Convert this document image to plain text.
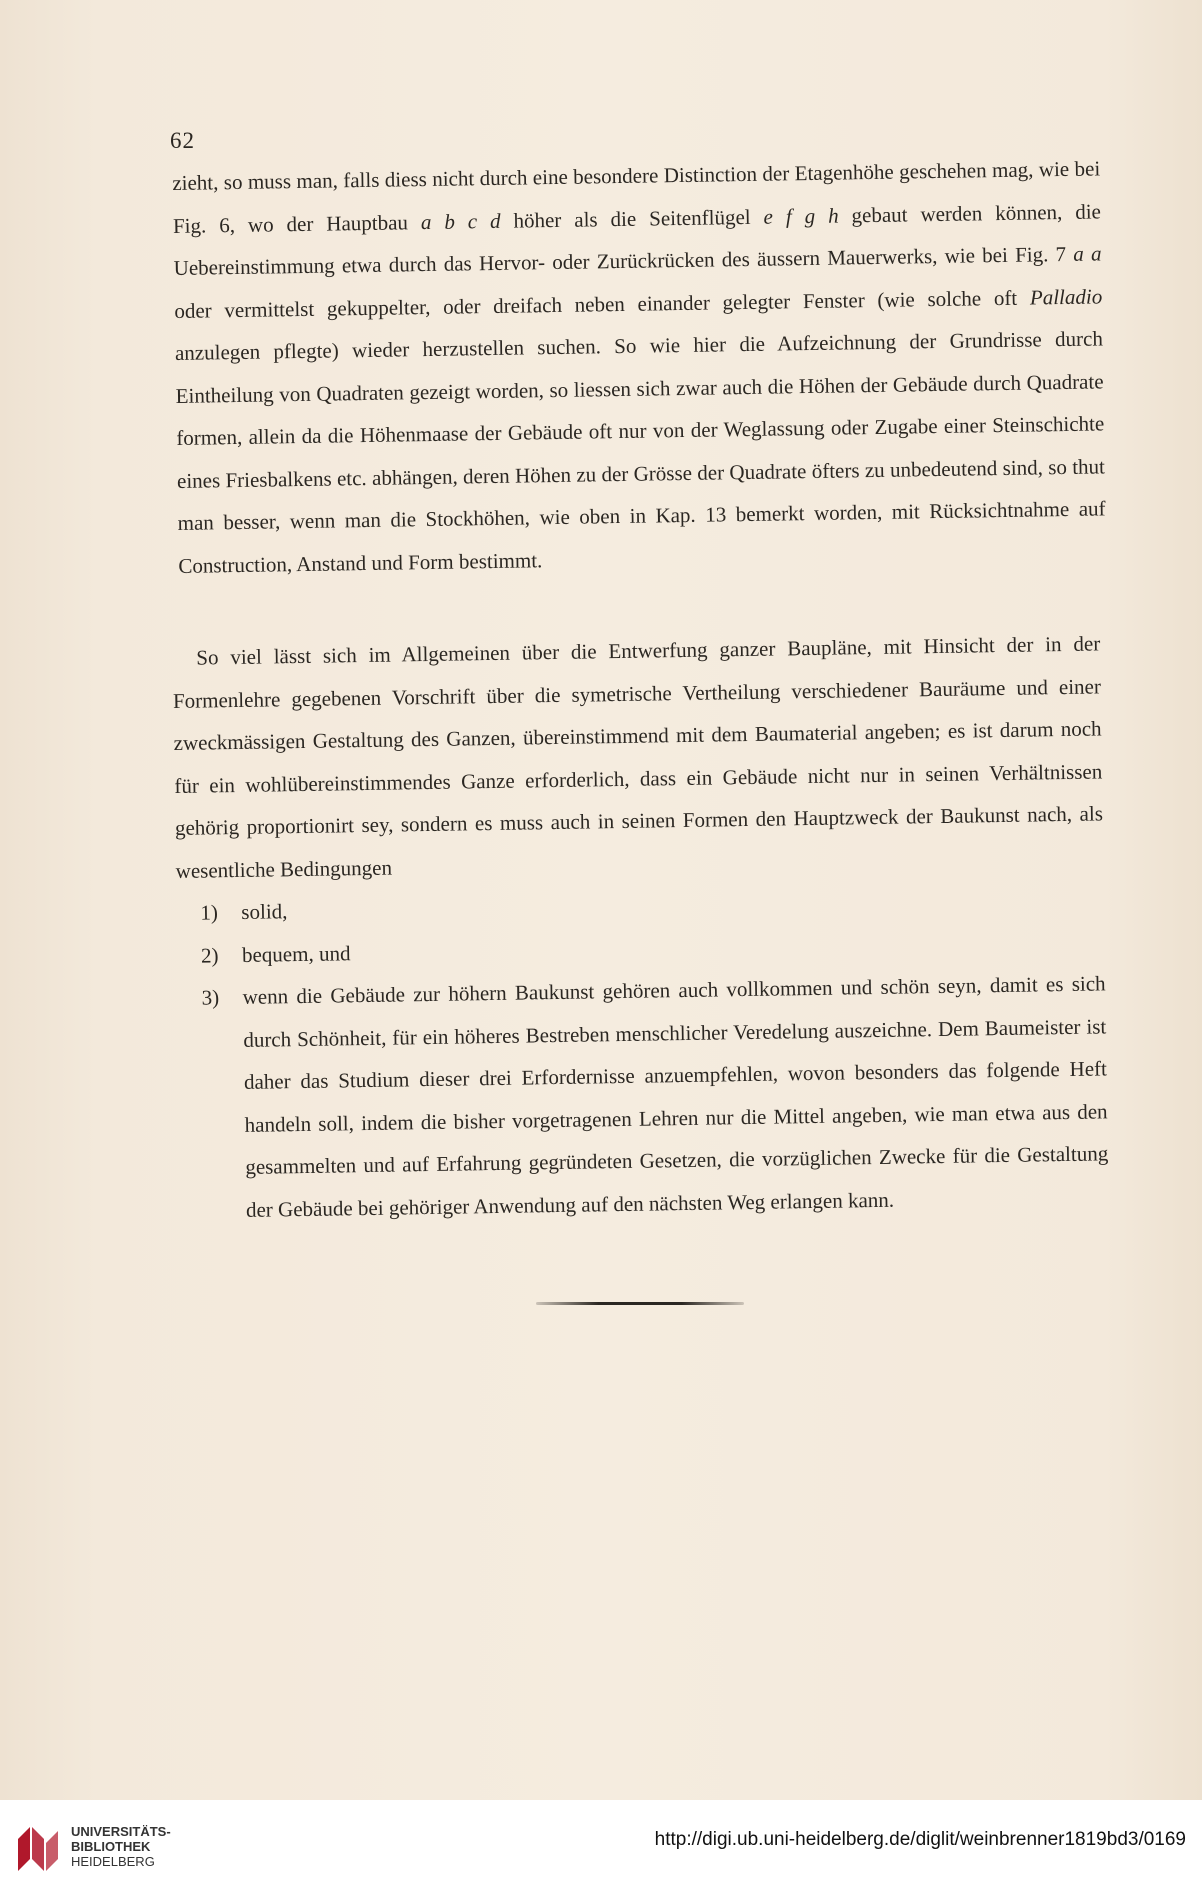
62
zieht, so muss man, falls diess nicht durch eine besondere Distinction der Etagenhöhe geschehen mag, wie bei Fig. 6, wo der Hauptbau a b c d höher als die Seitenflügel e f g h gebaut werden können, die Uebereinstimmung etwa durch das Hervor- oder Zurückrücken des äussern Mauerwerks, wie bei Fig. 7 a a oder vermittelst gekuppelter, oder dreifach neben einander gelegter Fenster (wie solche oft Palladio anzulegen pflegte) wieder herzustellen suchen. So wie hier die Aufzeichnung der Grundrisse durch Eintheilung von Quadraten gezeigt worden, so liessen sich zwar auch die Höhen der Gebäude durch Quadrate formen, allein da die Höhenmaase der Gebäude oft nur von der Weglassung oder Zugabe einer Steinschichte eines Friesbalkens etc. abhängen, deren Höhen zu der Grösse der Quadrate öfters zu unbedeutend sind, so thut man besser, wenn man die Stockhöhen, wie oben in Kap. 13 bemerkt worden, mit Rücksichtnahme auf Construction, Anstand und Form bestimmt.
So viel lässt sich im Allgemeinen über die Entwerfung ganzer Baupläne, mit Hinsicht der in der Formenlehre gegebenen Vorschrift über die symetrische Vertheilung verschiedener Bauräume und einer zweckmässigen Gestaltung des Ganzen, übereinstimmend mit dem Baumaterial angeben; es ist darum noch für ein wohlübereinstimmendes Ganze erforderlich, dass ein Gebäude nicht nur in seinen Verhältnissen gehörig proportionirt sey, sondern es muss auch in seinen Formen den Hauptzweck der Baukunst nach, als wesentliche Bedingungen
1) solid,
2) bequem, und
3)	wenn die Gebäude zur höhern Baukunst gehören auch vollkommen und schön seyn, damit es sich durch Schönheit, für ein höheres Bestreben menschlicher Veredelung auszeichne. Dem Baumeister ist daher das Studium dieser drei Erfordernisse anzuempfehlen, wovon besonders das folgende Heft handeln soll, indem die bisher vorgetragenen Lehren nur die Mittel angeben, wie man etwa aus den gesammelten und auf Erfahrung gegründeten Gesetzen, die vorzüglichen Zwecke für die Gestaltung der Gebäude bei gehöriger Anwendung auf den nächsten Weg erlangen kann.
UNIVERSITÄTS-
BIBLIOTHEK
HEIDELBERG
http://digi.ub.uni-heidelberg.de/diglit/weinbrenner1819bd3/0169
